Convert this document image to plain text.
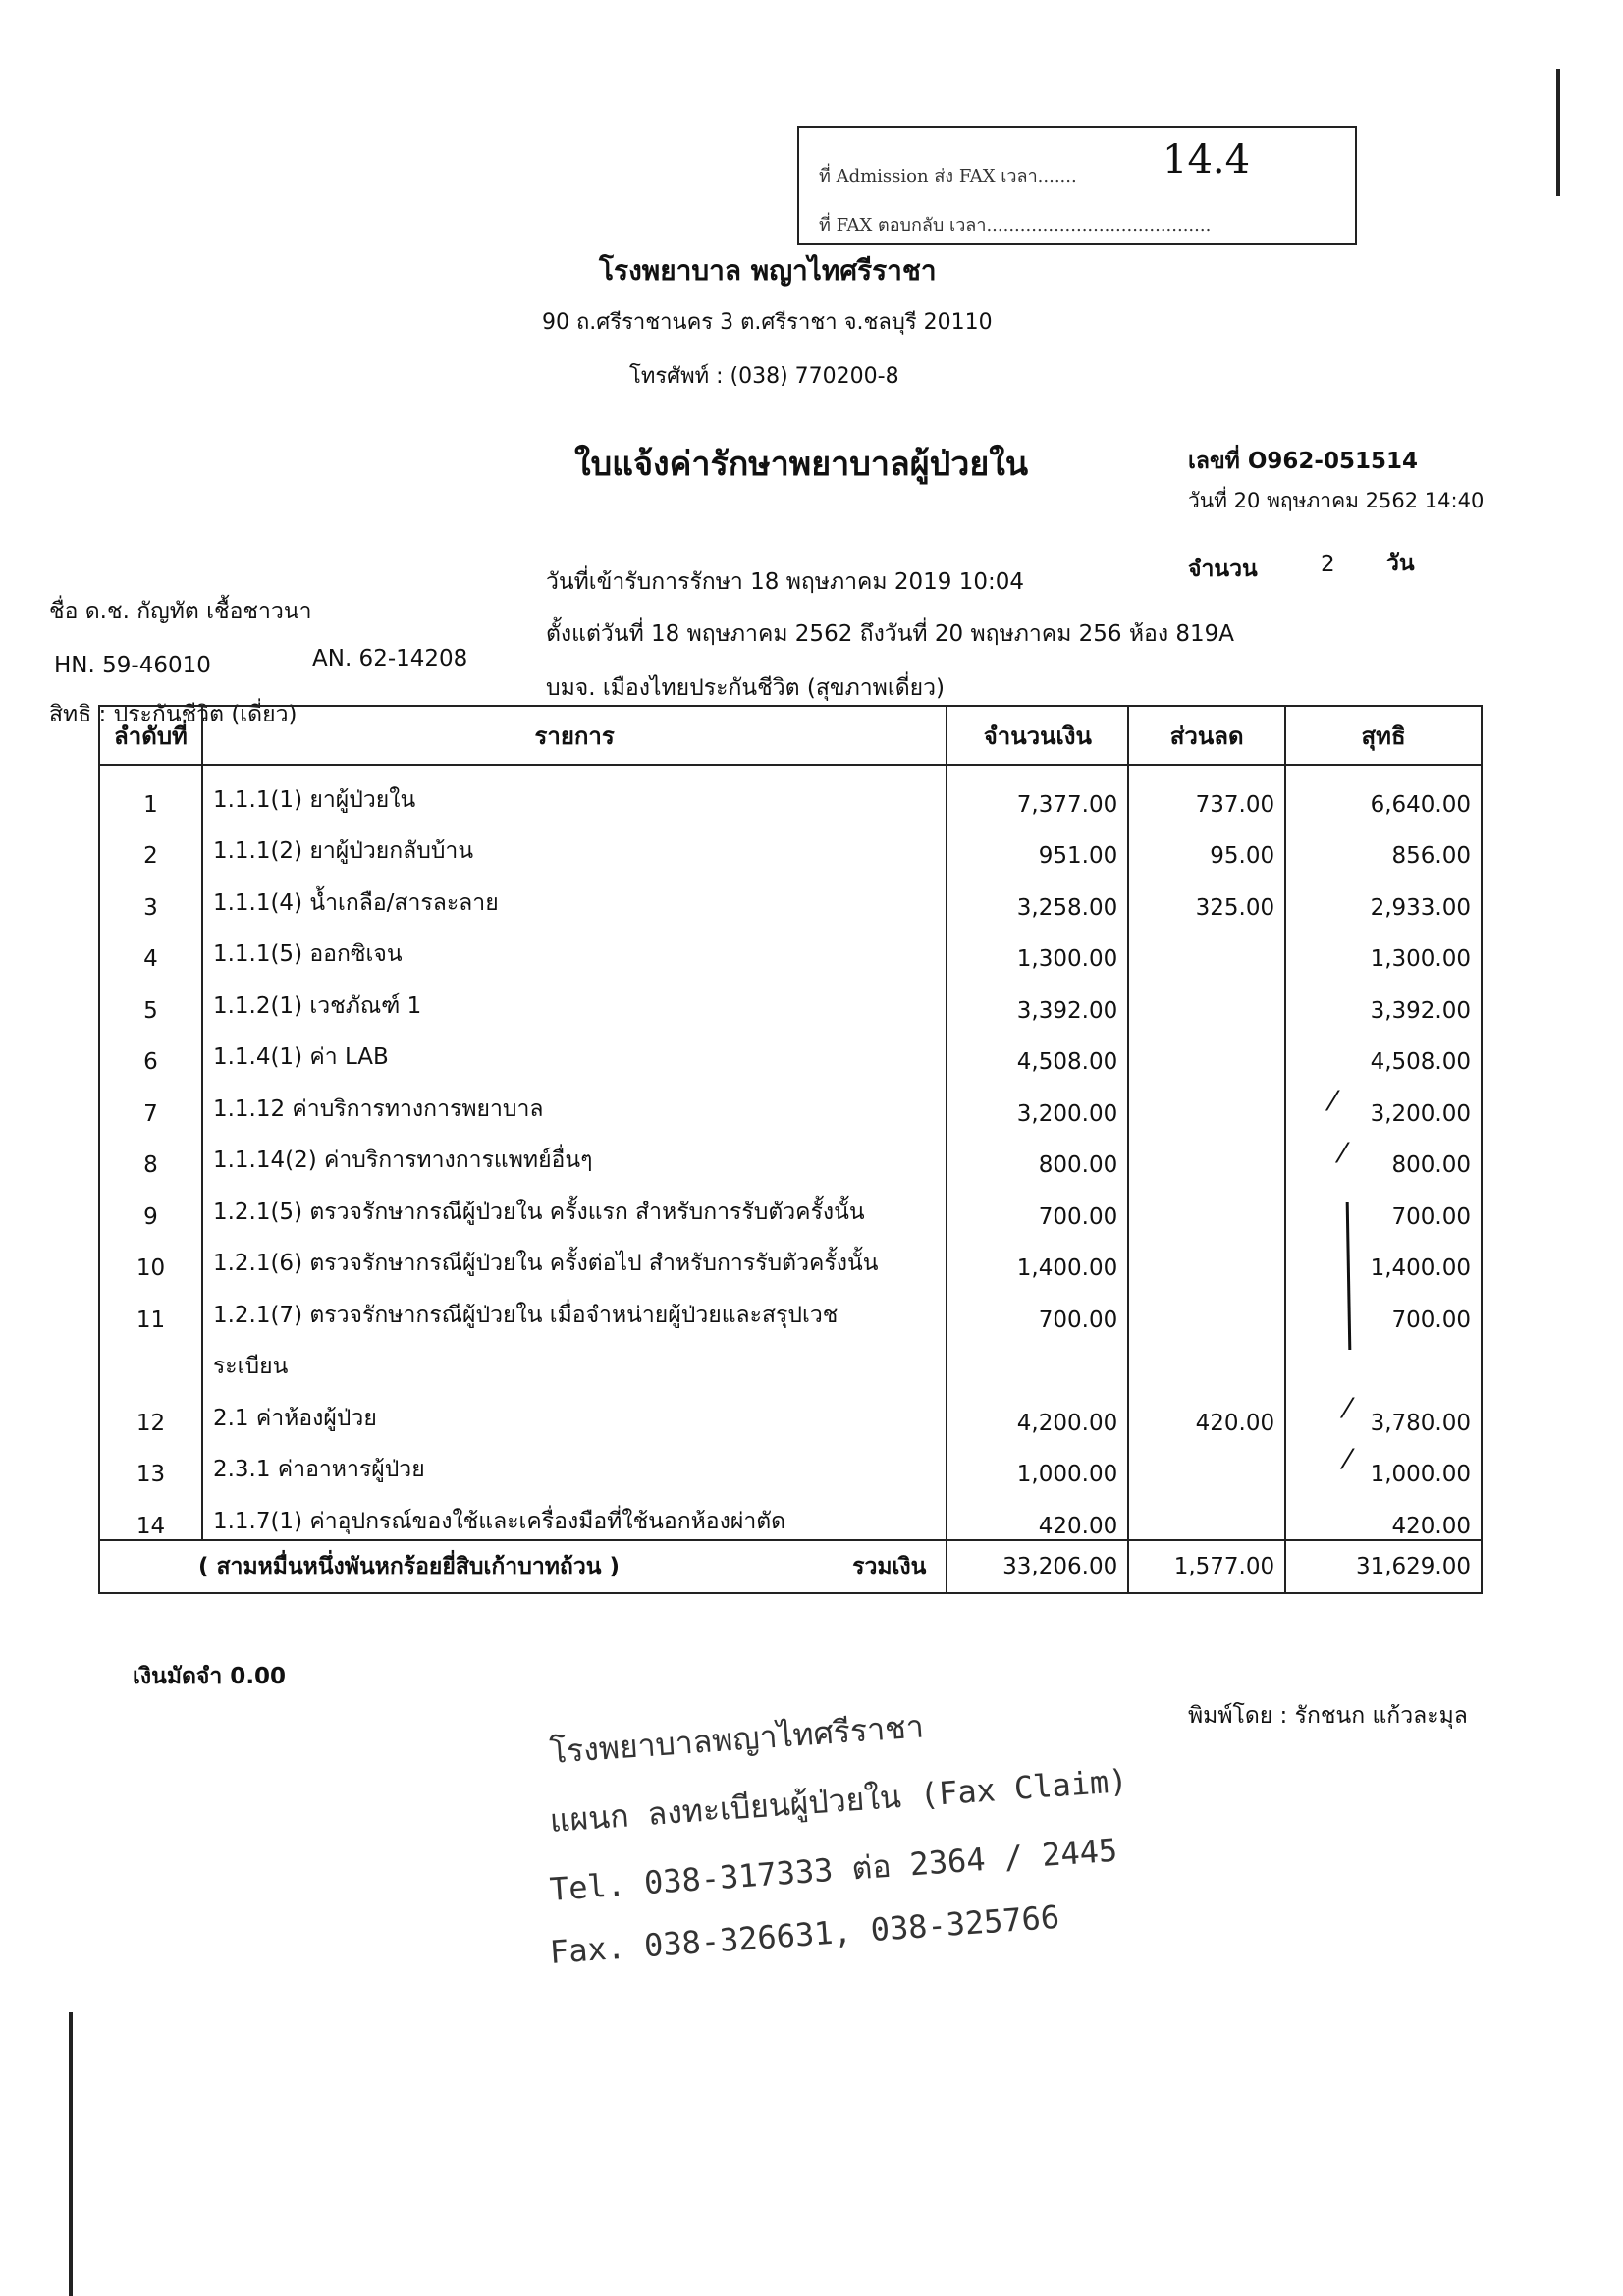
ที่ Admission ส่ง FAX เวลา....... 14.4
ที่ FAX ตอบกลับ เวลา........................................
โรงพยาบาล พญาไทศรีราชา
90 ถ.ศรีราชานคร 3 ต.ศรีราชา จ.ชลบุรี 20110
โทรศัพท์ : (038) 770200-8
ใบแจ้งค่ารักษาพยาบาลผู้ป่วยใน	เลขที่ O962-051514
วันที่ 20 พฤษภาคม 2562 14:40
ชื่อ ด.ช. กัญทัต เชื้อชาวนา
HN. 59-46010	AN. 62-14208
สิทธิ : ประกันชีวิต (เดี่ยว)
วันที่เข้ารับการรักษา 18 พฤษภาคม 2019 10:04
ตั้งแต่วันที่ 18 พฤษภาคม 2562 ถึงวันที่ 20 พฤษภาคม 256 ห้อง 819A
บมจ. เมืองไทยประกันชีวิต (สุขภาพเดี่ยว)
จำนวน	2 วัน
ลำดับที่	รายการ	จำนวนเงิน	ส่วนลด	สุทธิ
1	1.1.1(1) ยาผู้ป่วยใน	7,377.00	737.00	6,640.00
2	1.1.1(2) ยาผู้ป่วยกลับบ้าน	951.00	95.00	856.00
3	1.1.1(4) น้ำเกลือ/สารละลาย	3,258.00	325.00	2,933.00
4	1.1.1(5) ออกซิเจน	1,300.00		1,300.00
5	1.1.2(1) เวชภัณฑ์ 1	3,392.00		3,392.00
6	1.1.4(1) ค่า LAB	4,508.00		4,508.00
7	1.1.12 ค่าบริการทางการพยาบาล	3,200.00		3,200.00
8	1.1.14(2) ค่าบริการทางการแพทย์อื่นๆ	800.00		800.00
9	1.2.1(5) ตรวจรักษากรณีผู้ป่วยใน ครั้งแรก สำหรับการรับตัวครั้งนั้น	700.00		700.00
10	1.2.1(6) ตรวจรักษากรณีผู้ป่วยใน ครั้งต่อไป สำหรับการรับตัวครั้งนั้น	1,400.00		1,400.00
11	1.2.1(7) ตรวจรักษากรณีผู้ป่วยใน เมื่อจำหน่ายผู้ป่วยและสรุปเวช	700.00		700.00
	ระเบียน			
12	2.1 ค่าห้องผู้ป่วย	4,200.00	420.00	3,780.00
13	2.3.1 ค่าอาหารผู้ป่วย	1,000.00		1,000.00
14	1.1.7(1) ค่าอุปกรณ์ของใช้และเครื่องมือที่ใช้นอกห้องผ่าตัด	420.00		420.00
( สามหมื่นหนึ่งพันหกร้อยยี่สิบเก้าบาทถ้วน ) รวมเงิน		33,206.00	1,577.00	31,629.00
⁄
⁄
⁄
⁄
เงินมัดจำ 0.00
พิมพ์โดย : รักชนก แก้วละมุล
โรงพยาบาลพญาไทศรีราชา
แผนก ลงทะเบียนผู้ป่วยใน (Fax Claim)
Tel. 038-317333 ต่อ 2364 / 2445
Fax. 038-326631, 038-325766
